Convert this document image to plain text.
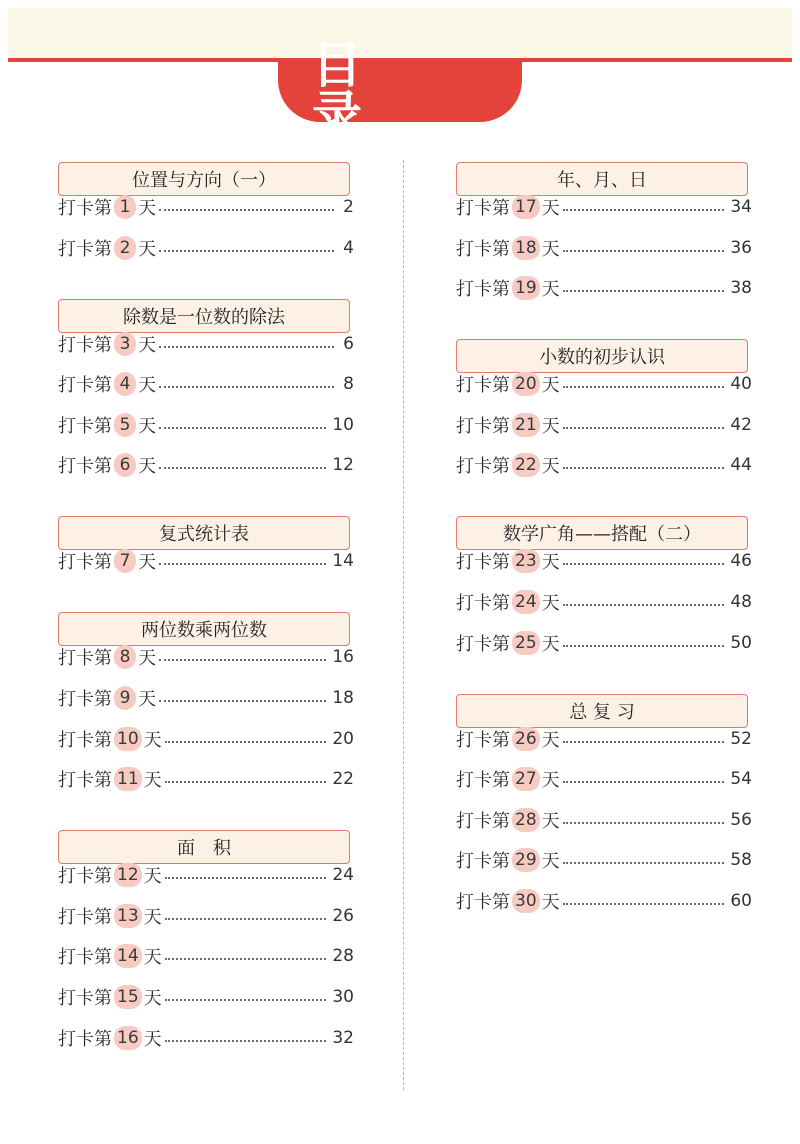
目 录
位置与方向（一）
打卡第 1 天	2
打卡第 2 天	4
除数是一位数的除法
打卡第 3 天	6
打卡第 4 天	8
打卡第 5 天	10
打卡第 6 天	12
复式统计表
打卡第 7 天	14
两位数乘两位数
打卡第 8 天	16
打卡第 9 天	18
打卡第 10 天	20
打卡第 11 天	22
面　积
打卡第 12 天	24
打卡第 13 天	26
打卡第 14 天	28
打卡第 15 天	30
打卡第 16 天	32
年、月、日
打卡第 17 天	34
打卡第 18 天	36
打卡第 19 天	38
小数的初步认识
打卡第 20 天	40
打卡第 21 天	42
打卡第 22 天	44
数学广角——搭配（二）
打卡第 23 天	46
打卡第 24 天	48
打卡第 25 天	50
总 复 习
打卡第 26 天	52
打卡第 27 天	54
打卡第 28 天	56
打卡第 29 天	58
打卡第 30 天	60
